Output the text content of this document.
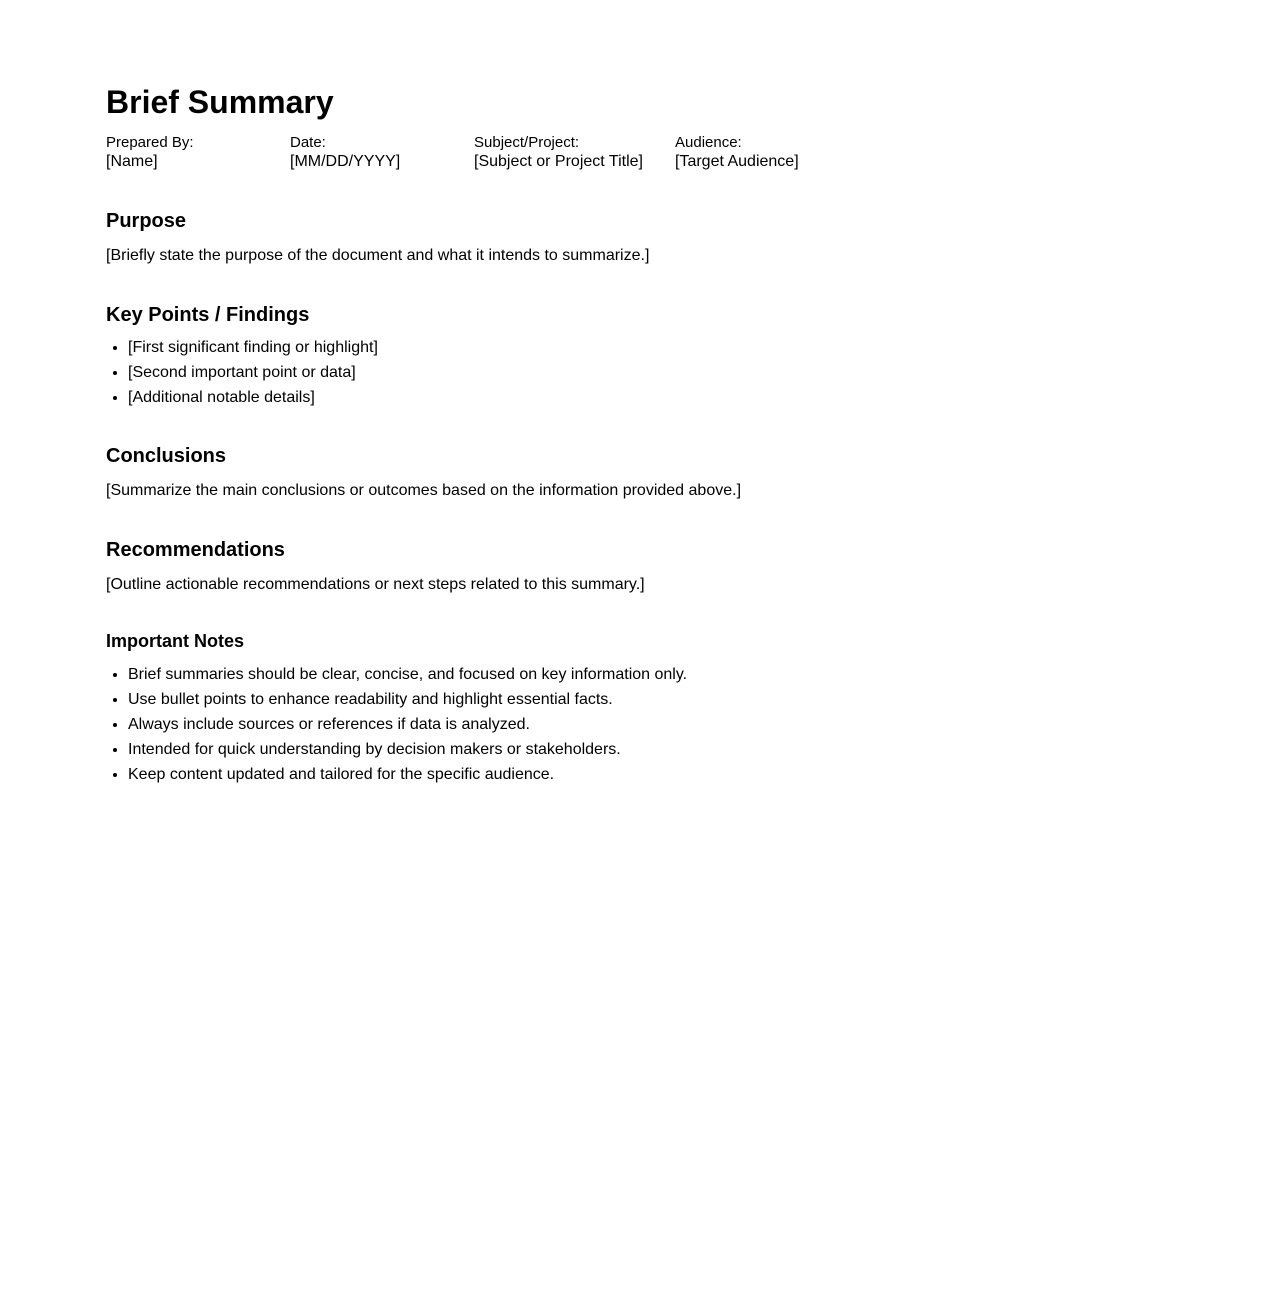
Brief Summary
Prepared By:
[Name]
Date:
[MM/DD/YYYY]
Subject/Project:
[Subject or Project Title]
Audience:
[Target Audience]
Purpose

[Briefly state the purpose of the document and what it intends to summarize.]

Key Points / Findings
• [First significant finding or highlight]
• [Second important point or data]
• [Additional notable details]
Conclusions

[Summarize the main conclusions or outcomes based on the information provided above.]

Recommendations

[Outline actionable recommendations or next steps related to this summary.]

Important Notes
• Brief summaries should be clear, concise, and focused on key information only.
• Use bullet points to enhance readability and highlight essential facts.
• Always include sources or references if data is analyzed.
• Intended for quick understanding by decision makers or stakeholders.
• Keep content updated and tailored for the specific audience.
